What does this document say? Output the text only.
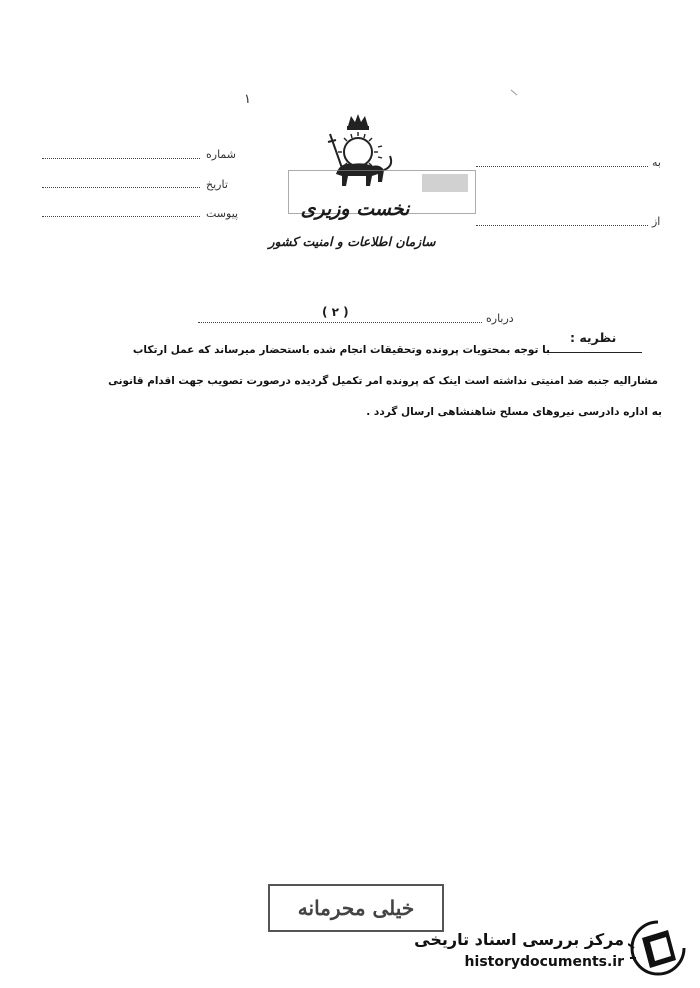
۱
شماره
تاریخ
پیوست
به
از
نخست وزیری
سازمان اطلاعات و امنیت کشور
درباره
( ۲ )
نظریه :
با توجه بمحتویات پرونده وتحقیقات انجام شده باستحضار میرساند که عمل ارتکاب
مشارالیه جنبه ضد امنیتی نداشته است اینک که پرونده امر تکمیل گردیده درصورت تصویب جهت اقدام قانونی
به اداره دادرسی نیروهای مسلح شاهنشاهی ارسال گردد .
خیلی محرمانه
مرکز بررسی اسناد تاریخی
historydocuments.ir
